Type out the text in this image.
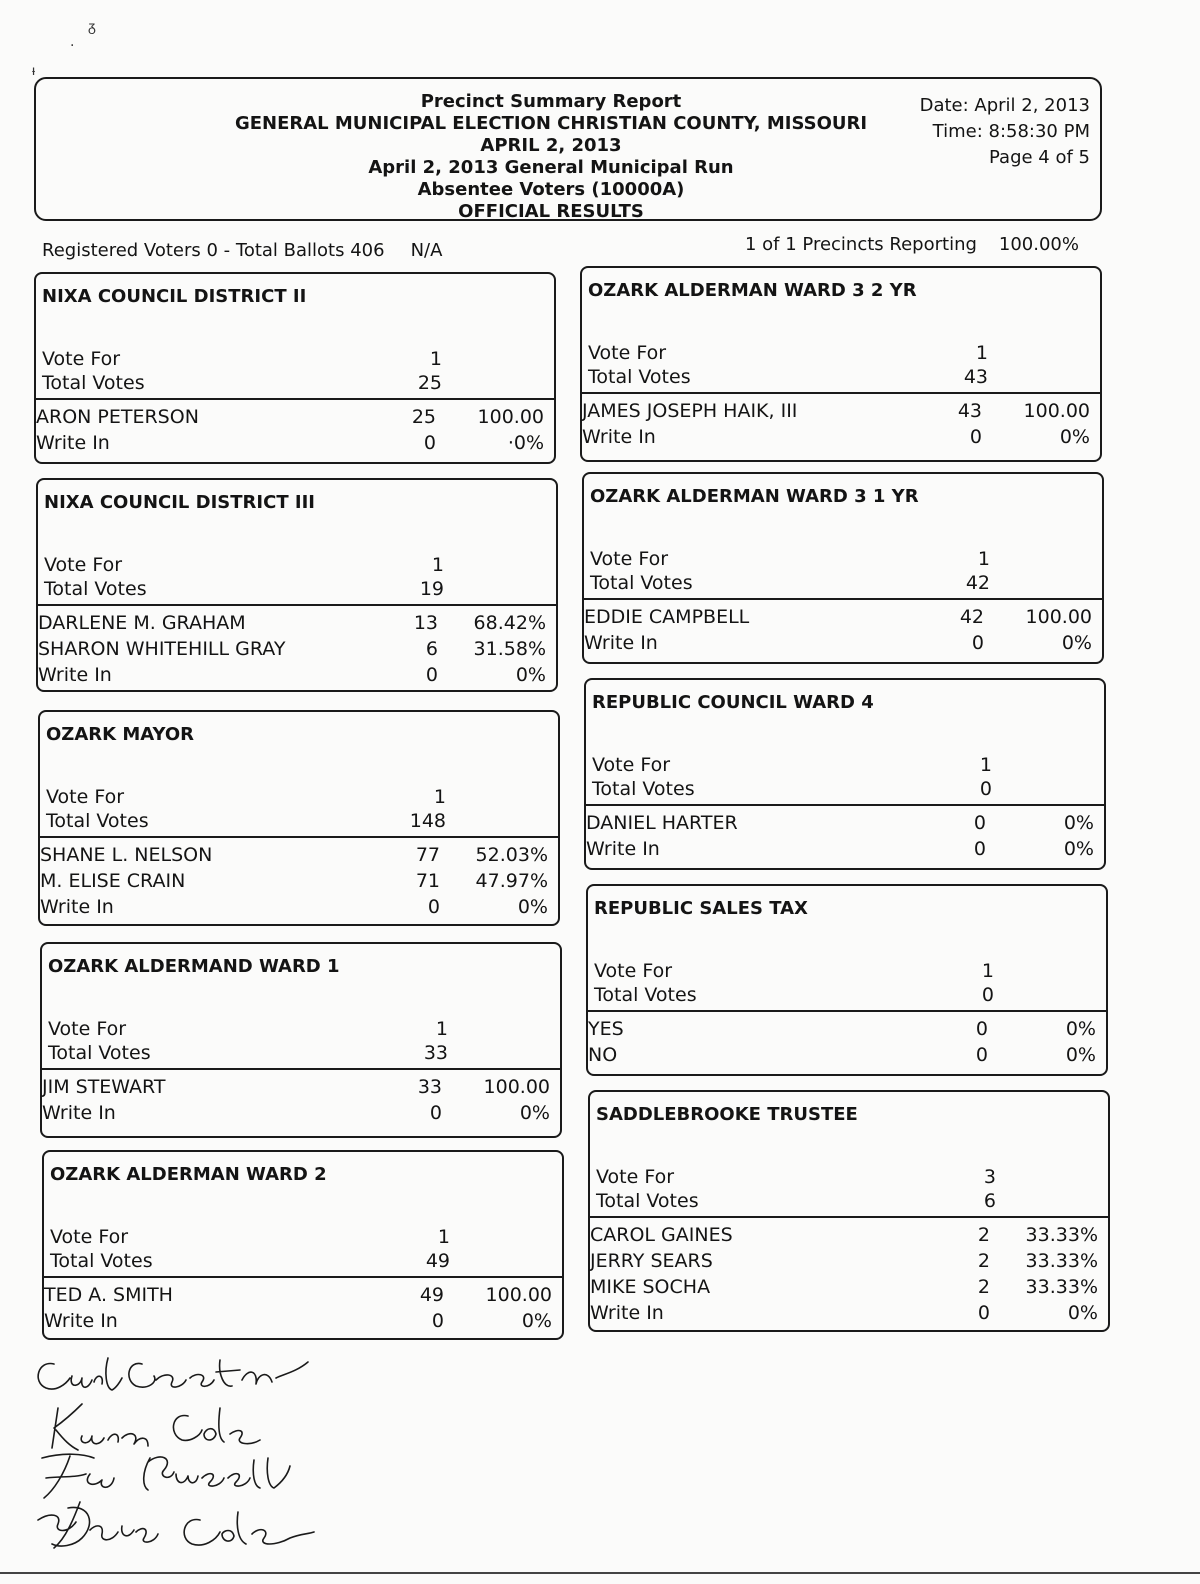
ᵹ
·
ᵼ
Precinct Summary Report
GENERAL MUNICIPAL ELECTION CHRISTIAN COUNTY, MISSOURI
APRIL 2, 2013
April 2, 2013 General Municipal Run
Absentee Voters (10000A)
OFFICIAL RESULTS
Date: April 2, 2013
Time: 8:58:30 PM
Page 4 of 5
Registered Voters 0 - Total Ballots 406 N/A	1 of 1 Precincts Reporting 100.00%
NIXA COUNCIL DISTRICT II
Vote For	1
Total Votes	25
ARON PETERSON	25	100.00
Write In	0	·0%
NIXA COUNCIL DISTRICT III
Vote For	1
Total Votes	19
DARLENE M. GRAHAM	13	68.42%
SHARON WHITEHILL GRAY	6	31.58%
Write In	0	0%
OZARK MAYOR
Vote For	1
Total Votes	148
SHANE L. NELSON	77	52.03%
M. ELISE CRAIN	71	47.97%
Write In	0	0%
OZARK ALDERMAND WARD 1
Vote For	1
Total Votes	33
JIM STEWART	33	100.00
Write In	0	0%
OZARK ALDERMAN WARD 2
Vote For	1
Total Votes	49
TED A. SMITH	49	100.00
Write In	0	0%
OZARK ALDERMAN WARD 3 2 YR
Vote For	1
Total Votes	43
JAMES JOSEPH HAIK, III	43	100.00
Write In	0	0%
OZARK ALDERMAN WARD 3 1 YR
Vote For	1
Total Votes	42
EDDIE CAMPBELL	42	100.00
Write In	0	0%
REPUBLIC COUNCIL WARD 4
Vote For	1
Total Votes	0
DANIEL HARTER	0	0%
Write In	0	0%
REPUBLIC SALES TAX
Vote For	1
Total Votes	0
YES	0	0%
NO	0	0%
SADDLEBROOKE TRUSTEE
Vote For	3
Total Votes	6
CAROL GAINES	2	33.33%
JERRY SEARS	2	33.33%
MIKE SOCHA	2	33.33%
Write In	0	0%
